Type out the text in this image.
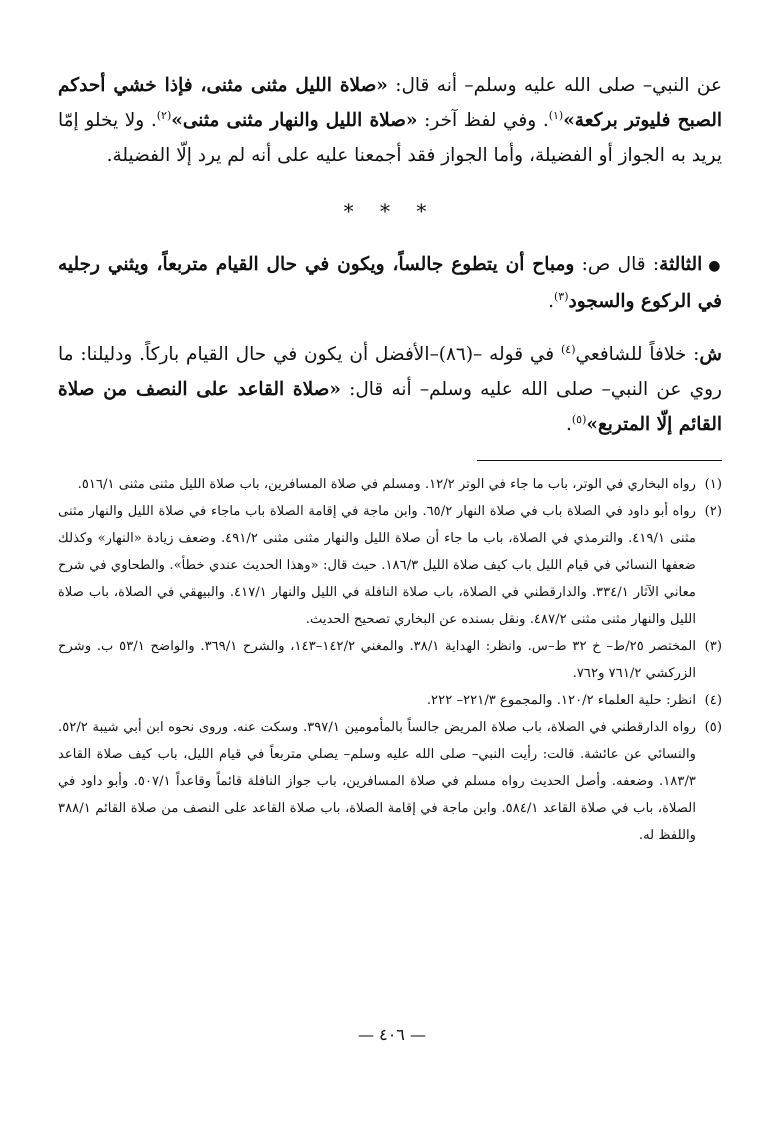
عن النبي– صلى الله عليه وسلم– أنه قال: «صلاة الليل مثنى مثنى، فإذا خشي أحدكم الصبح فليوتر بركعة»$^{(١)}$. وفي لفظ آخر: «صلاة الليل والنهار مثنى مثنى»$^{(٢)}$. ولا يخلو إمّا يريد به الجواز أو الفضيلة، وأما الجواز فقد أجمعنا عليه على أنه لم يرد إلّا الفضيلة.

* * *

●الثالثة: قال ص: ومباح أن يتطوع جالساً، ويكون في حال القيام متربعاً، ويثني رجليه في الركوع والسجود$^{(٣)}$.

ش: خلافاً للشافعي$^{(٤)}$ في قوله –(٨٦)–الأفضل أن يكون في حال القيام باركاً. ودليلنا: ما روي عن النبي– صلى الله عليه وسلم– أنه قال: «صلاة القاعد على النصف من صلاة القائم إلّا المتربع»$^{(٥)}$.

(١)
رواه البخاري في الوتر، باب ما جاء في الوتر ١٢/٢. ومسلم في صلاة المسافرين، باب صلاة الليل مثنى مثنى ٥١٦/١.
(٢)
رواه أبو داود في الصلاة باب في صلاة النهار ٦٥/٢. وابن ماجة في إقامة الصلاة باب ماجاء في صلاة الليل والنهار مثنى مثنى ٤١٩/١. والترمذي في الصلاة، باب ما جاء أن صلاة الليل والنهار مثنى مثنى ٤٩١/٢. وضعف زيادة «النهار» وكذلك ضعفها النسائي في قيام الليل باب كيف صلاة الليل ١٨٦/٣. حيث قال: «وهذا الحديث عندي خطأ». والطحاوي في شرح معاني الآثار ٣٣٤/١. والدارقطني في الصلاة، باب صلاة النافلة في الليل والنهار ٤١٧/١. والبيهقي في الصلاة، باب صلاة الليل والنهار مثنى مثنى ٤٨٧/٢. ونقل بسنده عن البخاري تصحيح الحديث.
(٣)
المختصر ٢٥/ط– خ ٣٢ ط–س. وانظر: الهداية ٣٨/١. والمغني ١٤٢/٢–١٤٣، والشرح ٣٦٩/١. والواضح ٥٣/١ ب. وشرح الزركشي ٧٦١/٢ و٧٦٢.
(٤)
انظر: حلية العلماء ١٢٠/٢. والمجموع ٢٢١/٣– ٢٢٢.
(٥)
رواه الدارقطني في الصلاة، باب صلاة المريض جالساً بالمأمومين ٣٩٧/١. وسكت عنه. وروى نحوه ابن أبي شيبة ٥٢/٢. والنسائي عن عائشة. قالت: رأيت النبي– صلى الله عليه وسلم– يصلي متربعاً في قيام الليل، باب كيف صلاة القاعد ١٨٣/٣. وضعفه. وأصل الحديث رواه مسلم في صلاة المسافرين، باب جواز النافلة قائماً وقاعداً ٥٠٧/١. وأبو داود في الصلاة، باب في صلاة القاعد ٥٨٤/١. وابن ماجة في إقامة الصلاة، باب صلاة القاعد على النصف من صلاة القائم ٣٨٨/١ واللفظ له.
— ٤٠٦ —
